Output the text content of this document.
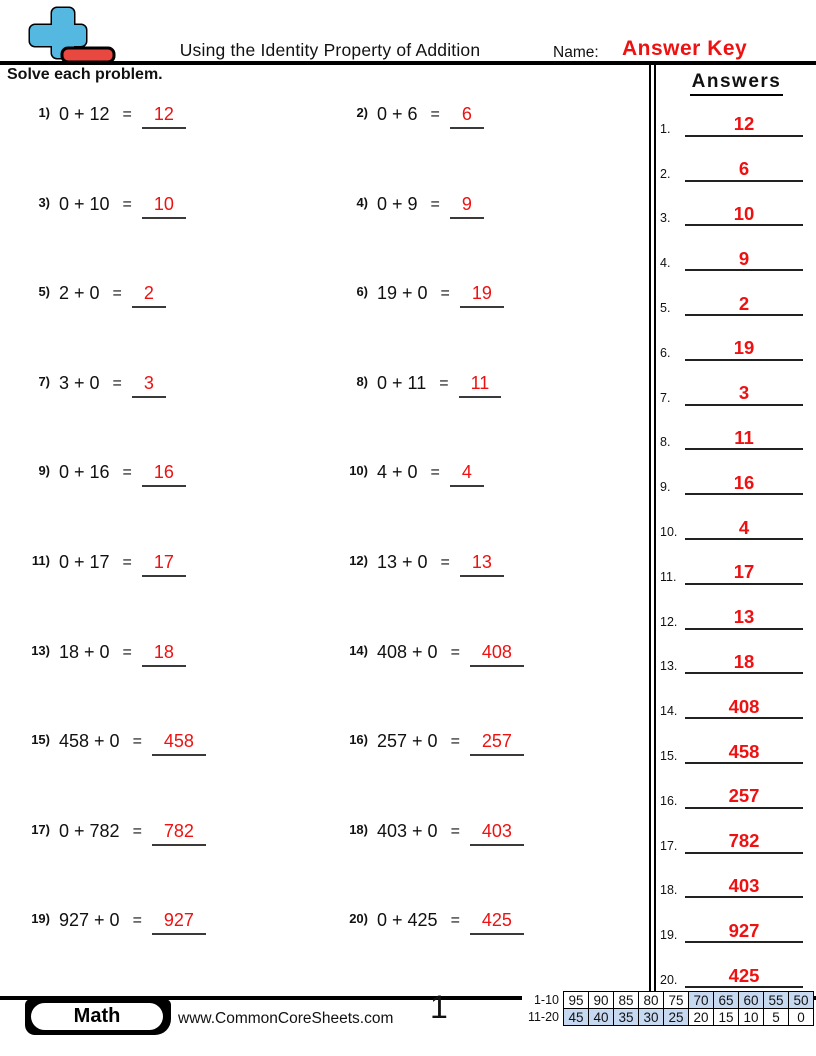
Using the Identity Property of Addition	Name: Answer Key
Solve each problem.
1) 0 + 12 =	12	2) 0 + 6 =	6
3) 0 + 10 =	10	4) 0 + 9 =	9
5) 2 + 0 =	2	6) 19 + 0 =	19
7) 3 + 0 =	3	8) 0 + 11 =	11
9) 0 + 16 =	16	10) 4 + 0 =	4
11) 0 + 17 =	17	12) 13 + 0 =	13
13) 18 + 0 =	18	14) 408 + 0 =	408
15) 458 + 0 =	458	16) 257 + 0 =	257
17) 0 + 782 =	782	18) 403 + 0 =	403
19) 927 + 0 =	927	20) 0 + 425 =	425
Answers
1.	12
2.	6
3.	10
4.	9
5.	2
6.	19
7.	3
8.	11
9.	16
10.	4
11.	17
12.	13
13.	18
14.	408
15.	458
16.	257
17.	782
18.	403
19.	927
20.	425
Math	www.CommonCoreSheets.com 1	1-10	95	90	85	80	75	70	65	60	55	50
11-20	45	40	35	30	25	20	15	10	5	0
